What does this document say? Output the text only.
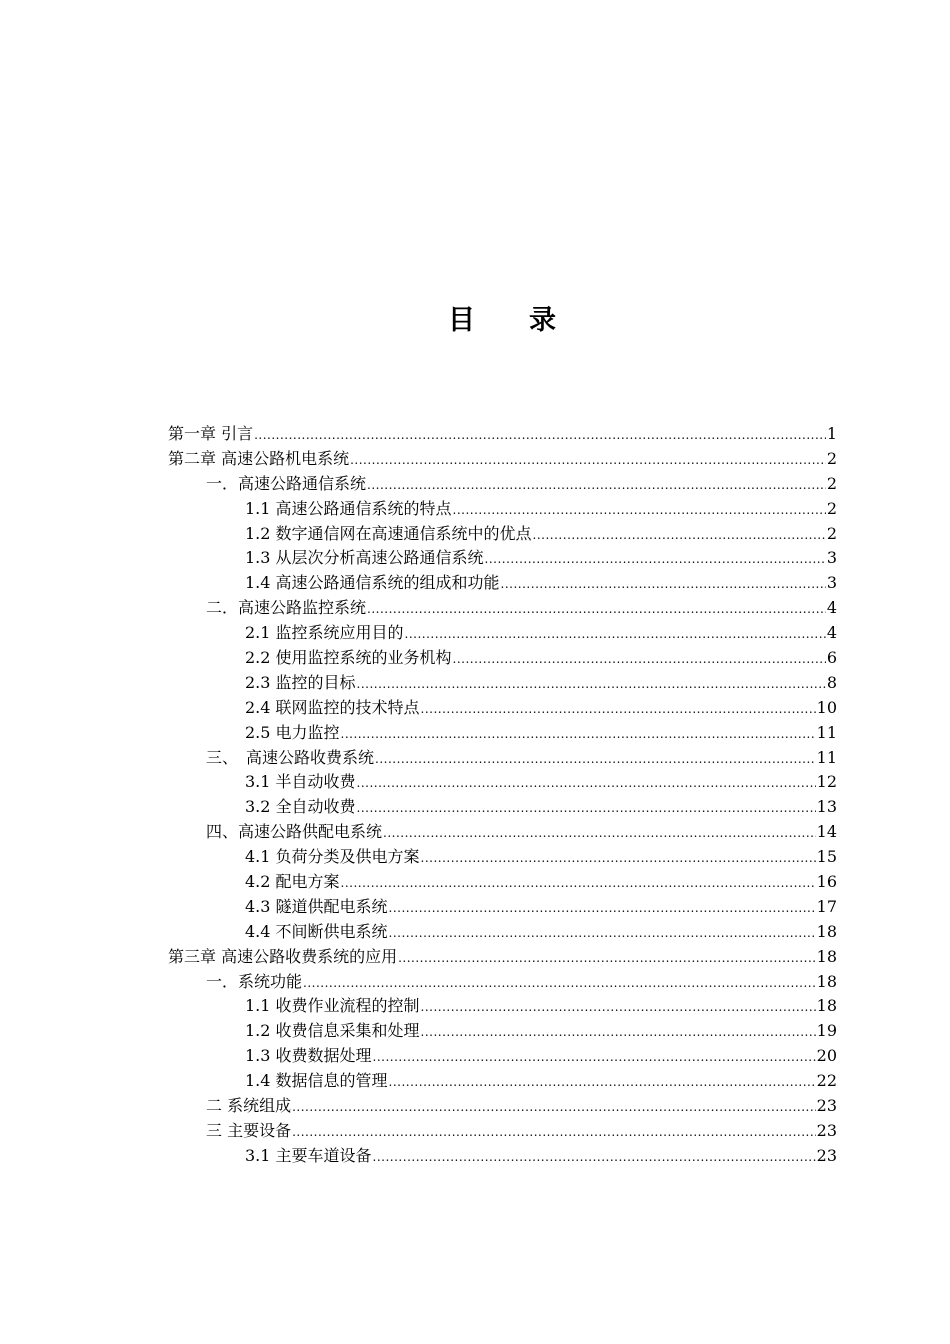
目　　录
第一章 引言 .....	1
第二章 高速公路机电系统 .....	2
一．高速公路通信系统 .....	2
1.1 高速公路通信系统的特点 .....	2
1.2 数字通信网在高速通信系统中的优点 .....	2
1.3 从层次分析高速公路通信系统 .....	3
1.4 高速公路通信系统的组成和功能 .....	3
二．高速公路监控系统 .....	4
2.1 监控系统应用目的 .....	4
2.2 使用监控系统的业务机构 .....	6
2.3 监控的目标 .....	8
2.4 联网监控的技术特点 .....	10
2.5 电力监控 .....	11
三、　高速公路收费系统 .....	11
3.1 半自动收费 .....	12
3.2 全自动收费 .....	13
四、高速公路供配电系统 .....	14
4.1 负荷分类及供电方案 .....	15
4.2 配电方案 .....	16
4.3 隧道供配电系统 .....	17
4.4 不间断供电系统 .....	18
第三章 高速公路收费系统的应用 .....	18
一．系统功能 .....	18
1.1 收费作业流程的控制 .....	18
1.2 收费信息采集和处理 .....	19
1.3 收费数据处理 .....	20
1.4 数据信息的管理 .....	22
二 系统组成 .....	23
三 主要设备 .....	23
3.1 主要车道设备 .....	23
